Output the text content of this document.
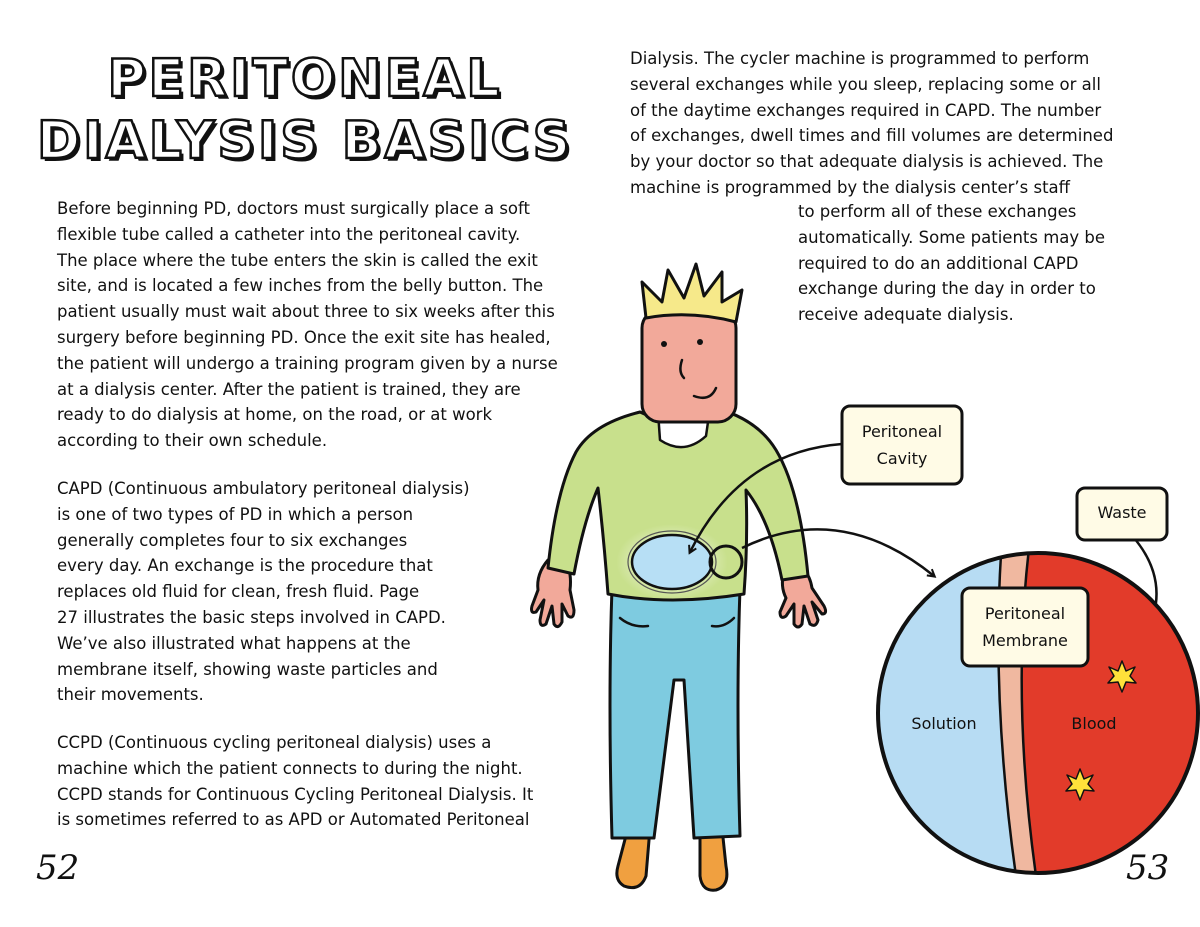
PERITONEAL
DIALYSIS BASICS

Before beginning PD, doctors must surgically place a soft
flexible tube called a catheter into the peritoneal cavity.
The place where the tube enters the skin is called the exit
site, and is located a few inches from the belly button. The
patient usually must wait about three to six weeks after this
surgery before beginning PD. Once the exit site has healed,
the patient will undergo a training program given by a nurse
at a dialysis center. After the patient is trained, they are
ready to do dialysis at home, on the road, or at work
according to their own schedule.

CAPD (Continuous ambulatory peritoneal dialysis)
is one of two types of PD in which a person
generally completes four to six exchanges
every day. An exchange is the procedure that
replaces old fluid for clean, fresh fluid. Page
27 illustrates the basic steps involved in CAPD.
We’ve also illustrated what happens at the
membrane itself, showing waste particles and
their movements.

CCPD (Continuous cycling peritoneal dialysis) uses a
machine which the patient connects to during the night.
CCPD stands for Continuous Cycling Peritoneal Dialysis. It
is sometimes referred to as APD or Automated Peritoneal

Dialysis. The cycler machine is programmed to perform
several exchanges while you sleep, replacing some or all
of the daytime exchanges required in CAPD. The number
of exchanges, dwell times and fill volumes are determined
by your doctor so that adequate dialysis is achieved. The
machine is programmed by the dialysis center’s staff

to perform all of these exchanges
automatically. Some patients may be
required to do an additional CAPD
exchange during the day in order to
receive adequate dialysis.

52	53
Solution	Blood
Peritoneal
Cavity
Waste
Peritoneal
Membrane
